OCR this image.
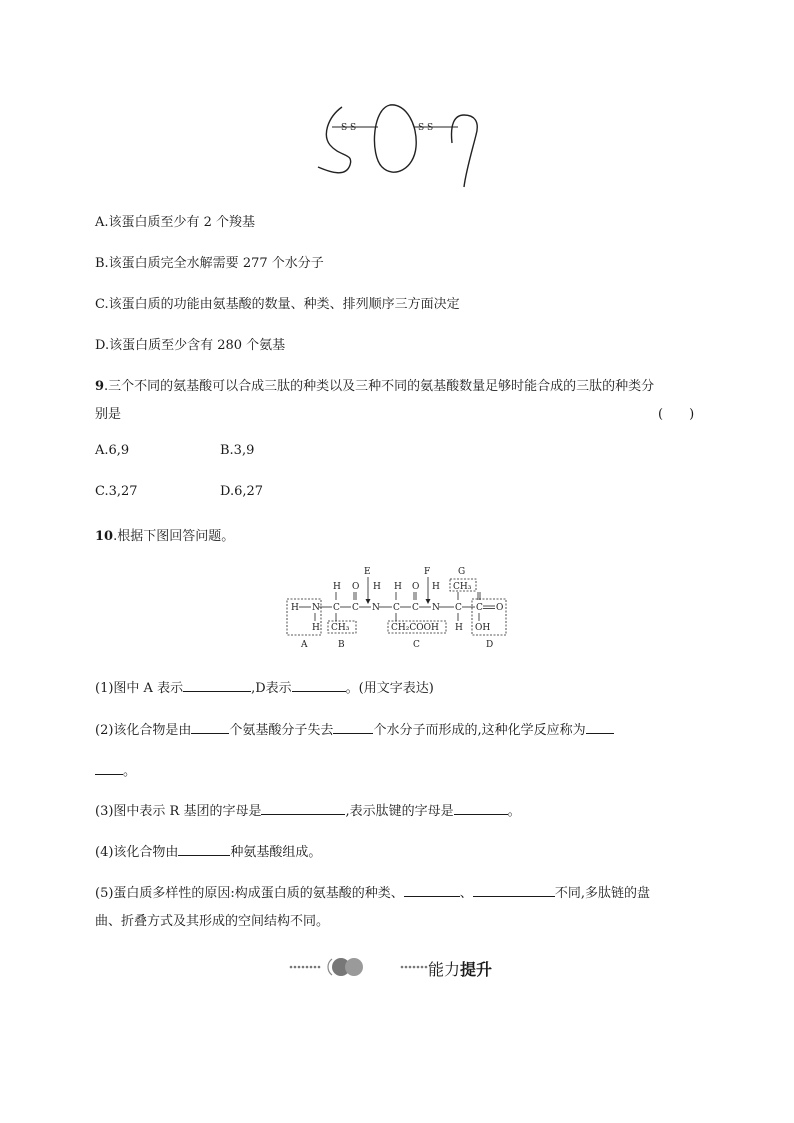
S S	S S
A.该蛋白质至少有 2 个羧基
B.该蛋白质完全水解需要 277 个水分子
C.该蛋白质的功能由氨基酸的数量、种类、排列顺序三方面决定
D.该蛋白质至少含有 280 个氨基
9.三个不同的氨基酸可以合成三肽的种类以及三种不同的氨基酸数量足够时能合成的三肽的种类分
别是	(　　)
A.6,9	B.3,9
C.3,27	D.6,27
10.根据下图回答问题。
E	F	G
H O H H O H CH₃
H N C C N C C N C C O
H CH₃	CH₂COOH H OH
A	B	C	D
(1)图中 A 表示	,D表示	。(用文字表达)
(2)该化合物是由	个氨基酸分子失去	个水分子而形成的,这种化学反应称为
。
(3)图中表示 R 基团的字母是	,表示肽键的字母是	。
(4)该化合物由	种氨基酸组成。
(5)蛋白质多样性的原因:构成蛋白质的氨基酸的种类、	、	不同,多肽链的盘
曲、折叠方式及其形成的空间结构不同。
能力提升
